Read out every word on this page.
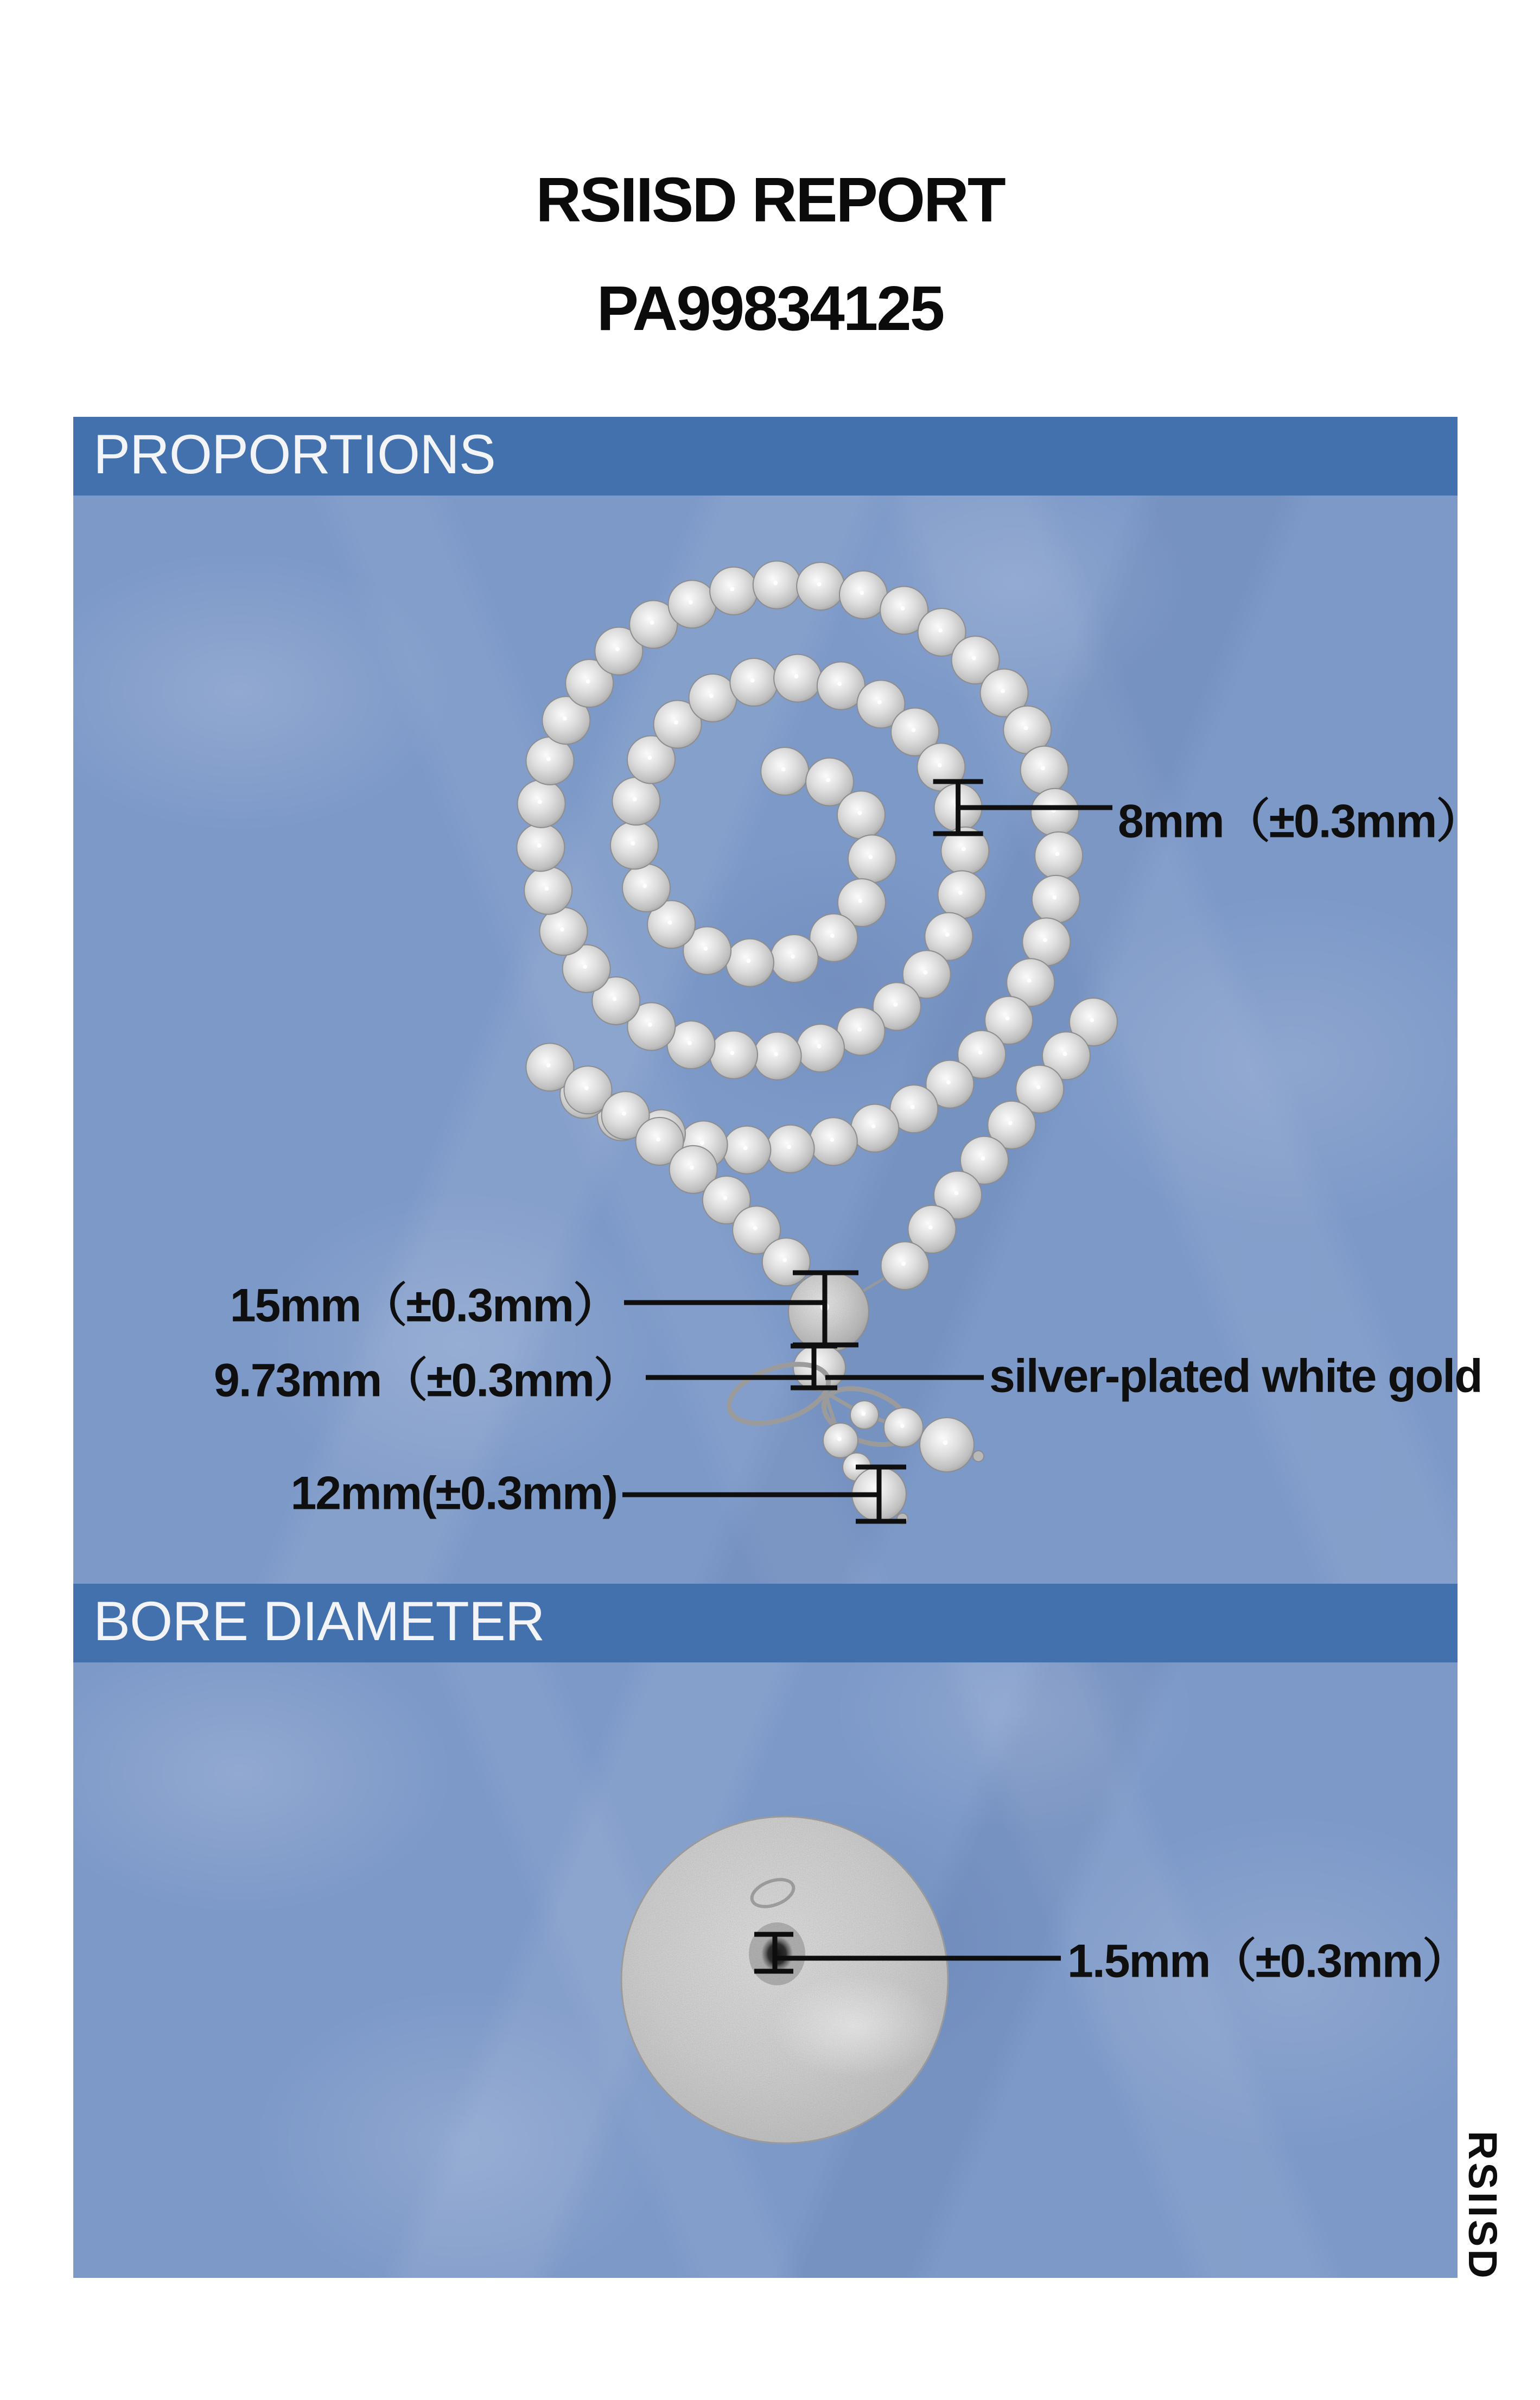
RSIISD REPORT
PA99834125
PROPORTIONS
8mm（±0.3mm）
15mm（±0.3mm）
9.73mm（±0.3mm）	silver-plated white gold
12mm(±0.3mm)
BORE DIAMETER
1.5mm（±0.3mm）
RSIISD
